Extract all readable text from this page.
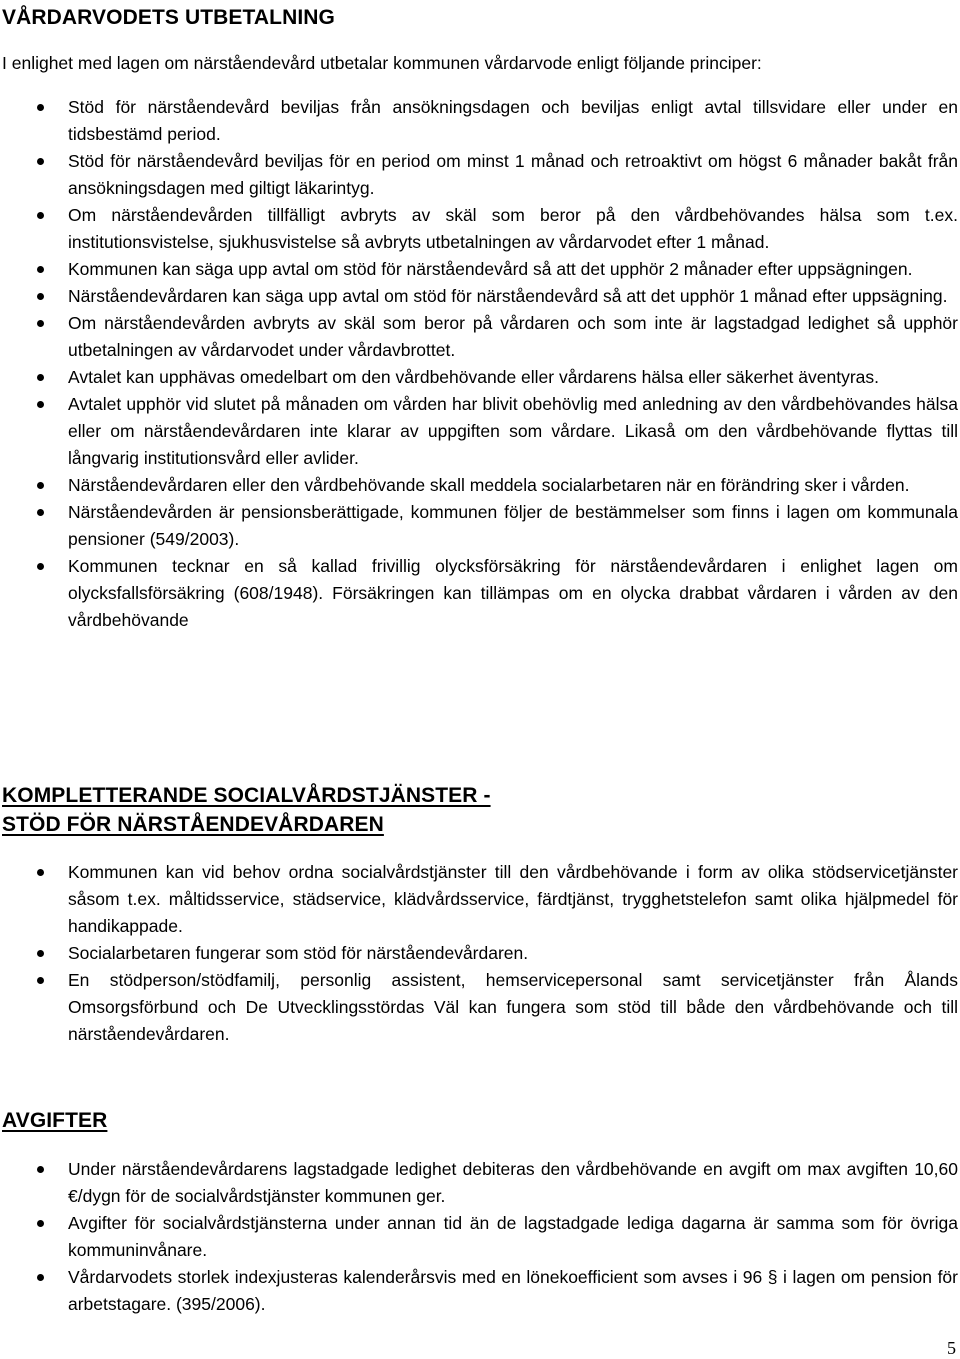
VÅRDARVODETS UTBETALNING

I enlighet med lagen om närståendevård utbetalar kommunen vårdarvode enligt följande principer:

Stöd för närståendevård beviljas från ansökningsdagen och beviljas enligt avtal tillsvidare eller under en tidsbestämd period.
Stöd för närståendevård beviljas för en period om minst 1 månad och retroaktivt om högst 6 månader bakåt från ansökningsdagen med giltigt läkarintyg.
Om närståendevården tillfälligt avbryts av skäl som beror på den vårdbehövandes hälsa som t.ex. institutionsvistelse, sjukhusvistelse så avbryts utbetalningen av vårdarvodet efter 1 månad.
Kommunen kan säga upp avtal om stöd för närståendevård så att det upphör 2 månader efter uppsägningen.
Närståendevårdaren kan säga upp avtal om stöd för närståendevård så att det upphör 1 månad efter uppsägning.
Om närståendevården avbryts av skäl som beror på vårdaren och som inte är lagstadgad ledighet så upphör utbetalningen av vårdarvodet under vårdavbrottet.
Avtalet kan upphävas omedelbart om den vårdbehövande eller vårdarens hälsa eller säkerhet äventyras.
Avtalet upphör vid slutet på månaden om vården har blivit obehövlig med anledning av den vårdbehövandes hälsa eller om närståendevårdaren inte klarar av uppgiften som vårdare. Likaså om den vårdbehövande flyttas till långvarig institutionsvård eller avlider.
Närståendevårdaren eller den vårdbehövande skall meddela socialarbetaren när en förändring sker i vården.
Närståendevården är pensionsberättigade, kommunen följer de bestämmelser som finns i lagen om kommunala pensioner (549/2003).
Kommunen tecknar en så kallad frivillig olycksförsäkring för närståendevårdaren i enlighet lagen om olycksfallsförsäkring (608/1948). Försäkringen kan tillämpas om en olycka drabbat vårdaren i vården av den vårdbehövande
KOMPLETTERANDE SOCIALVÅRDSTJÄNSTER -
STÖD FÖR NÄRSTÅENDEVÅRDAREN
Kommunen kan vid behov ordna socialvårdstjänster till den vårdbehövande i form av olika stödservicetjänster såsom t.ex. måltidsservice, städservice, klädvårdsservice, färdtjänst, trygghetstelefon samt olika hjälpmedel för handikappade.
Socialarbetaren fungerar som stöd för närståendevårdaren.
En stödperson/stödfamilj, personlig assistent, hemservicepersonal samt servicetjänster från Ålands Omsorgsförbund och De Utvecklingsstördas Väl kan fungera som stöd till både den vårdbehövande och till närståendevårdaren.
AVGIFTER
Under närståendevårdarens lagstadgade ledighet debiteras den vårdbehövande en avgift om max avgiften 10,60 €/dygn för de socialvårdstjänster kommunen ger.
Avgifter för socialvårdstjänsterna under annan tid än de lagstadgade lediga dagarna är samma som för övriga kommuninvånare.
Vårdarvodets storlek indexjusteras kalenderårsvis med en lönekoefficient som avses i 96 § i lagen om pension för arbetstagare. (395/2006).
5
